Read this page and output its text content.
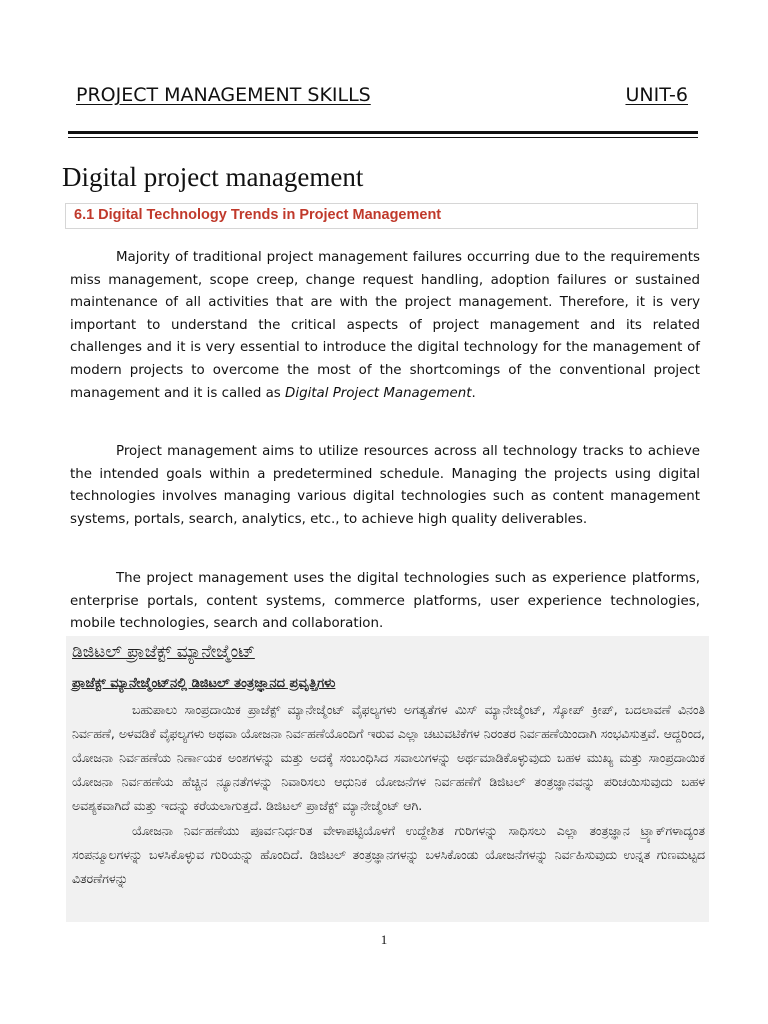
PROJECT MANAGEMENT SKILLS	UNIT-6
Digital project management
6.1 Digital Technology Trends in Project Management

Majority of traditional project management failures occurring due to the requirements miss management, scope creep, change request handling, adoption failures or sustained maintenance of all activities that are with the project management. Therefore, it is very important to understand the critical aspects of project management and its related challenges and it is very essential to introduce the digital technology for the management of modern projects to overcome the most of the shortcomings of the conventional project management and it is called as Digital Project Management.

Project management aims to utilize resources across all technology tracks to achieve the intended goals within a predetermined schedule. Managing the projects using digital technologies involves managing various digital technologies such as content management systems, portals, search, analytics, etc., to achieve high quality deliverables.

The project management uses the digital technologies such as experience platforms, enterprise portals, content systems, commerce platforms, user experience technologies, mobile technologies, search and collaboration.

ಡಿಜಿಟಲ್ ಪ್ರಾಜೆಕ್ಟ್ ಮ್ಯಾನೇಜ್ಮೆಂಟ್
ಪ್ರಾಜೆಕ್ಟ್ ಮ್ಯಾನೇಜ್ಮೆಂಟ್‌ನಲ್ಲಿ ಡಿಜಿಟಲ್ ತಂತ್ರಜ್ಞಾನದ ಪ್ರವೃತ್ತಿಗಳು

ಬಹುಪಾಲು ಸಾಂಪ್ರದಾಯಿಕ ಪ್ರಾಜೆಕ್ಟ್ ಮ್ಯಾನೇಜ್ಮೆಂಟ್ ವೈಫಲ್ಯಗಳು ಅಗತ್ಯತೆಗಳ ಮಿಸ್ ಮ್ಯಾನೇಜ್ಮೆಂಟ್, ಸ್ಕೋಪ್ ಕ್ರೀಪ್, ಬದಲಾವಣೆ ವಿನಂತಿ ನಿರ್ವಹಣೆ, ಅಳವಡಿಕೆ ವೈಫಲ್ಯಗಳು ಅಥವಾ ಯೋಜನಾ ನಿರ್ವಹಣೆಯೊಂದಿಗೆ ಇರುವ ಎಲ್ಲಾ ಚಟುವಟಿಕೆಗಳ ನಿರಂತರ ನಿರ್ವಹಣೆಯಿಂದಾಗಿ ಸಂಭವಿಸುತ್ತವೆ. ಆದ್ದರಿಂದ, ಯೋಜನಾ ನಿರ್ವಹಣೆಯ ನಿರ್ಣಾಯಕ ಅಂಶಗಳನ್ನು ಮತ್ತು ಅದಕ್ಕೆ ಸಂಬಂಧಿಸಿದ ಸವಾಲುಗಳನ್ನು ಅರ್ಥಮಾಡಿಕೊಳ್ಳುವುದು ಬಹಳ ಮುಖ್ಯ ಮತ್ತು ಸಾಂಪ್ರದಾಯಿಕ ಯೋಜನಾ ನಿರ್ವಹಣೆಯ ಹೆಚ್ಚಿನ ನ್ಯೂನತೆಗಳನ್ನು ನಿವಾರಿಸಲು ಆಧುನಿಕ ಯೋಜನೆಗಳ ನಿರ್ವಹಣೆಗೆ ಡಿಜಿಟಲ್ ತಂತ್ರಜ್ಞಾನವನ್ನು ಪರಿಚಯಿಸುವುದು ಬಹಳ ಅವಶ್ಯಕವಾಗಿದೆ ಮತ್ತು ಇದನ್ನು ಕರೆಯಲಾಗುತ್ತದೆ. ಡಿಜಿಟಲ್ ಪ್ರಾಜೆಕ್ಟ್ ಮ್ಯಾನೇಜ್ಮೆಂಟ್ ಆಗಿ.

ಯೋಜನಾ ನಿರ್ವಹಣೆಯು ಪೂರ್ವನಿರ್ಧರಿತ ವೇಳಾಪಟ್ಟಿಯೊಳಗೆ ಉದ್ದೇಶಿತ ಗುರಿಗಳನ್ನು ಸಾಧಿಸಲು ಎಲ್ಲಾ ತಂತ್ರಜ್ಞಾನ ಟ್ರ್ಯಾಕ್‌ಗಳಾದ್ಯಂತ ಸಂಪನ್ಮೂಲಗಳನ್ನು ಬಳಸಿಕೊಳ್ಳುವ ಗುರಿಯನ್ನು ಹೊಂದಿದೆ. ಡಿಜಿಟಲ್ ತಂತ್ರಜ್ಞಾನಗಳನ್ನು ಬಳಸಿಕೊಂಡು ಯೋಜನೆಗಳನ್ನು ನಿರ್ವಹಿಸುವುದು ಉನ್ನತ ಗುಣಮಟ್ಟದ ವಿತರಣೆಗಳನ್ನು

1
